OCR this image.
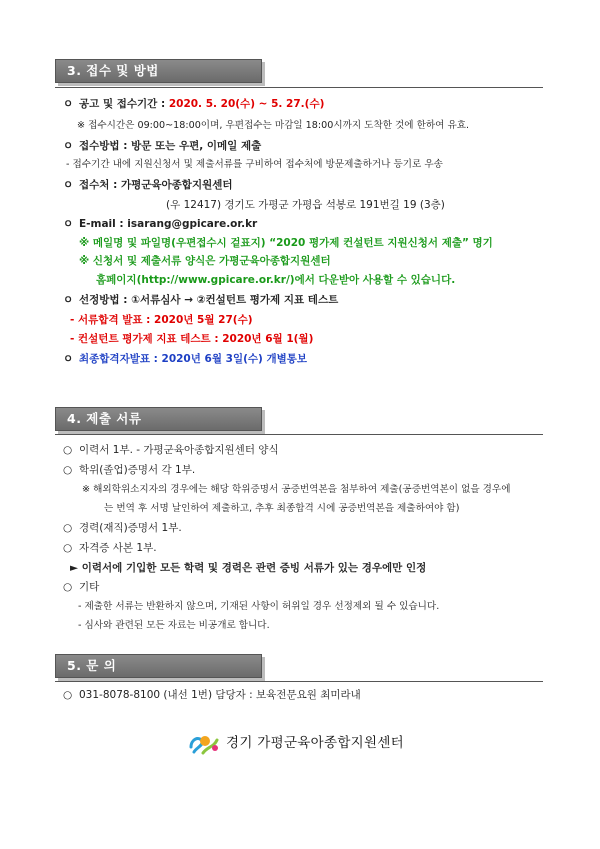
3. 접수 및 방법
ㅇ 공고 및 접수기간 : 2020. 5. 20(수) ~ 5. 27.(수)
※ 접수시간은 09:00~18:00이며, 우편접수는 마감일 18:00시까지 도착한 것에 한하여 유효.
ㅇ 접수방법 : 방문 또는 우편, 이메일 제출
- 접수기간 내에 지원신청서 및 제출서류를 구비하여 접수처에 방문제출하거나 등기로 우송
ㅇ 접수처 : 가평군육아종합지원센터
(우 12417) 경기도 가평군 가평읍 석봉로 191번길 19 (3층)
ㅇ E-mail : isarang@gpicare.or.kr
※ 메일명 및 파일명(우편접수시 겉표지) “2020 평가제 컨설턴트 지원신청서 제출” 명기
※ 신청서 및 제출서류 양식은 가평군육아종합지원센터
홈페이지(http://www.gpicare.or.kr/)에서 다운받아 사용할 수 있습니다.
ㅇ 선정방법 : ①서류심사 → ②컨설턴트 평가제 지표 테스트
- 서류합격 발표 : 2020년 5월 27(수)
- 컨설턴트 평가제 지표 테스트 : 2020년 6월 1(월)
ㅇ 최종합격자발표 : 2020년 6월 3일(수) 개별통보
4. 제출 서류
○ 이력서 1부. - 가평군육아종합지원센터 양식
○ 학위(졸업)증명서 각 1부.
※ 해외학위소지자의 경우에는 해당 학위증명서 공증번역본을 첨부하여 제출(공증번역본이 없을 경우에
는 번역 후 서명 날인하여 제출하고, 추후 최종합격 시에 공증번역본을 제출하여야 함)
○ 경력(재직)증명서 1부.
○ 자격증 사본 1부.
► 이력서에 기입한 모든 학력 및 경력은 관련 증빙 서류가 있는 경우에만 인정
○ 기타
- 제출한 서류는 반환하지 않으며, 기재된 사항이 허위일 경우 선정제외 될 수 있습니다.
- 심사와 관련된 모든 자료는 비공개로 합니다.
5. 문 의
○ 031-8078-8100 (내선 1번) 담당자 : 보육전문요원 최미라내
경기 가평군육아종합지원센터
